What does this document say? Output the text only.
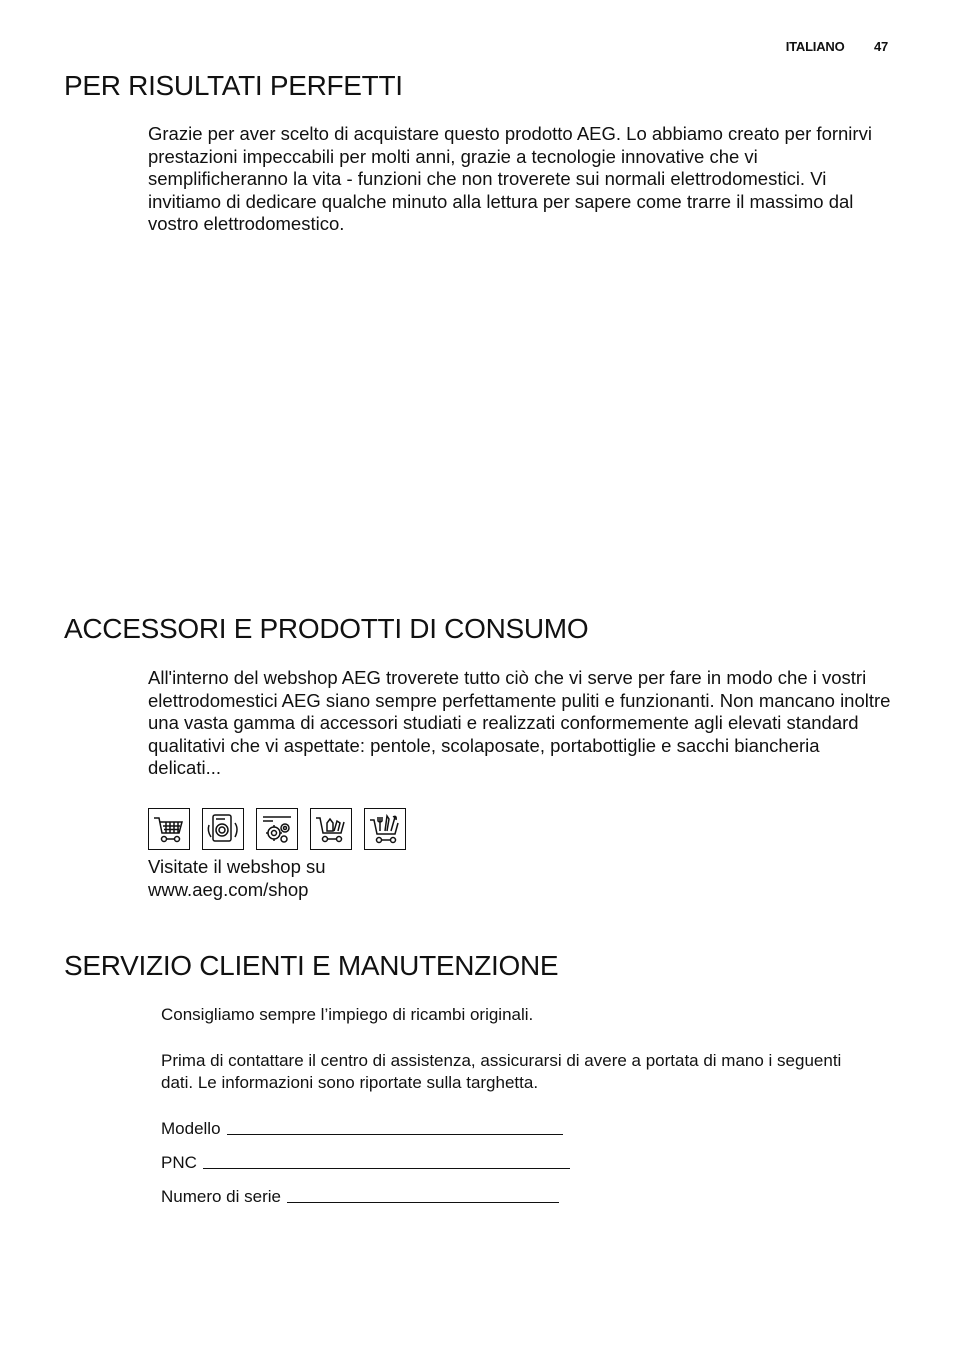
ITALIANO 47
PER RISULTATI PERFETTI

Grazie per aver scelto di acquistare questo prodotto AEG. Lo abbiamo creato per fornirvi prestazioni impeccabili per molti anni, grazie a tecnologie innovative che vi semplificheranno la vita - funzioni che non troverete sui normali elettrodomestici. Vi invitiamo di dedicare qualche minuto alla lettura per sapere come trarre il massimo dal vostro elettrodomestico.

ACCESSORI E PRODOTTI DI CONSUMO

All'interno del webshop AEG troverete tutto ciò che vi serve per fare in modo che i vostri elettrodomestici AEG siano sempre perfettamente puliti e funzionanti. Non mancano inoltre una vasta gamma di accessori studiati e realizzati conformemente agli elevati standard qualitativi che vi aspettate: pentole, scolaposate, portabottiglie e sacchi biancheria delicati...

Visitate il webshop su
www.aeg.com/shop
SERVIZIO CLIENTI E MANUTENZIONE

Consigliamo sempre l’impiego di ricambi originali.

Prima di contattare il centro di assistenza, assicurarsi di avere a portata di mano i seguenti dati. Le informazioni sono riportate sulla targhetta.

Modello
PNC
Numero di serie
